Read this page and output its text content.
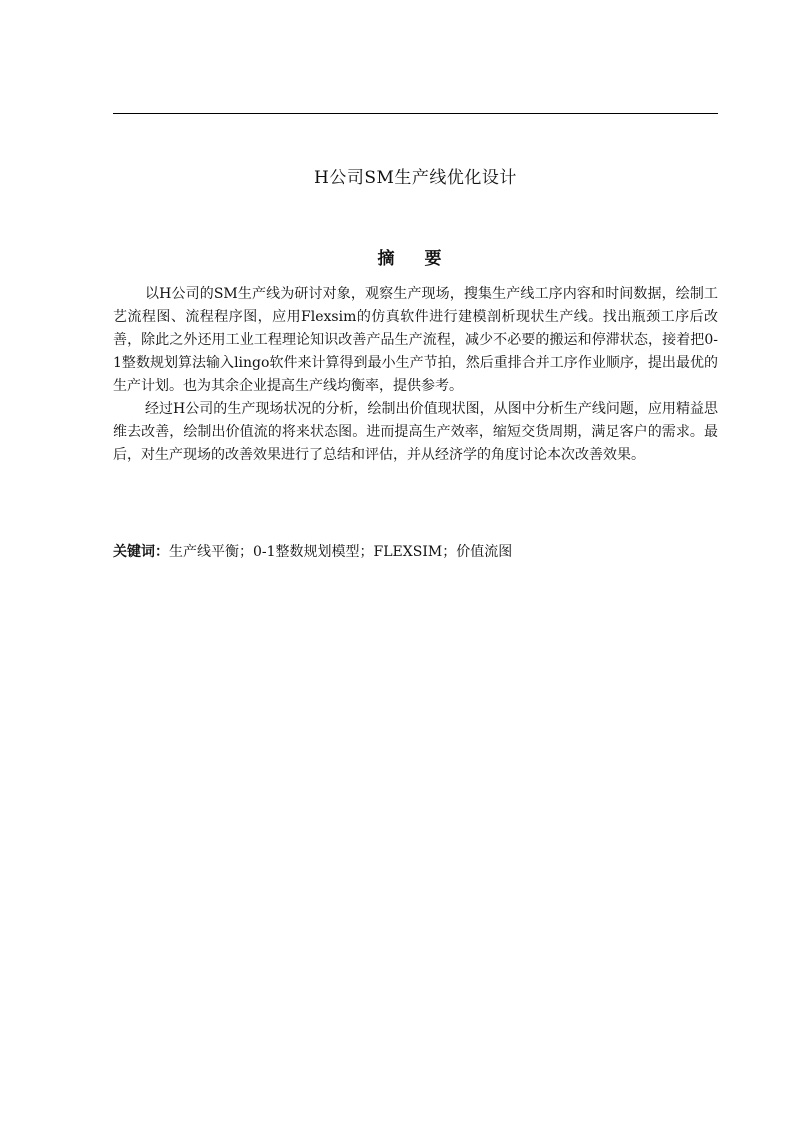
H公司SM生产线优化设计
摘 要

以H公司的SM生产线为研讨对象，观察生产现场，搜集生产线工序内容和时间数据，绘制工艺流程图、流程程序图，应用Flexsim的仿真软件进行建模剖析现状生产线。找出瓶颈工序后改善，除此之外还用工业工程理论知识改善产品生产流程，减少不必要的搬运和停滞状态，接着把0-1整数规划算法输入lingo软件来计算得到最小生产节拍，然后重排合并工序作业顺序，提出最优的生产计划。也为其余企业提高生产线均衡率，提供参考。

经过H公司的生产现场状况的分析，绘制出价值现状图，从图中分析生产线问题，应用精益思维去改善，绘制出价值流的将来状态图。进而提高生产效率，缩短交货周期，满足客户的需求。最后，对生产现场的改善效果进行了总结和评估，并从经济学的角度讨论本次改善效果。

关键词：生产线平衡；0-1整数规划模型；FLEXSIM；价值流图
